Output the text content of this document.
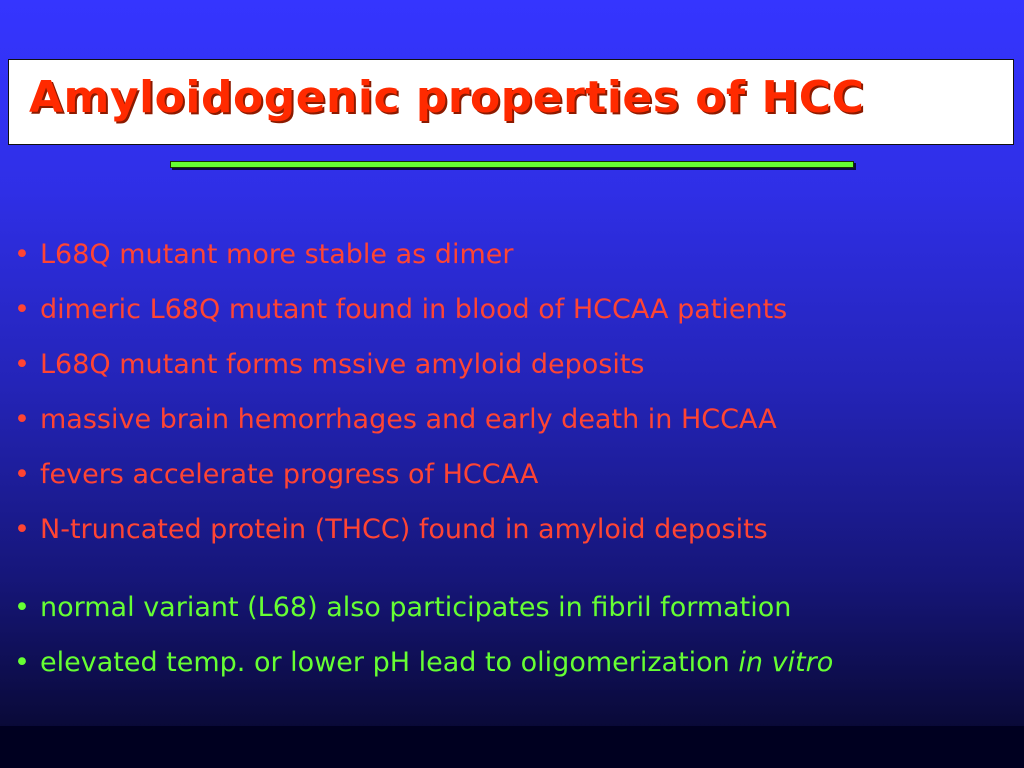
Amyloidogenic properties of HCC
• L68Q mutant more stable as dimer
• dimeric L68Q mutant found in blood of HCCAA patients
• L68Q mutant forms mssive amyloid deposits
• massive brain hemorrhages and early death in HCCAA
• fevers accelerate progress of HCCAA
• N-truncated protein (THCC) found in amyloid deposits
• normal variant (L68) also participates in fibril formation
• elevated temp. or lower pH lead to oligomerization in vitro
